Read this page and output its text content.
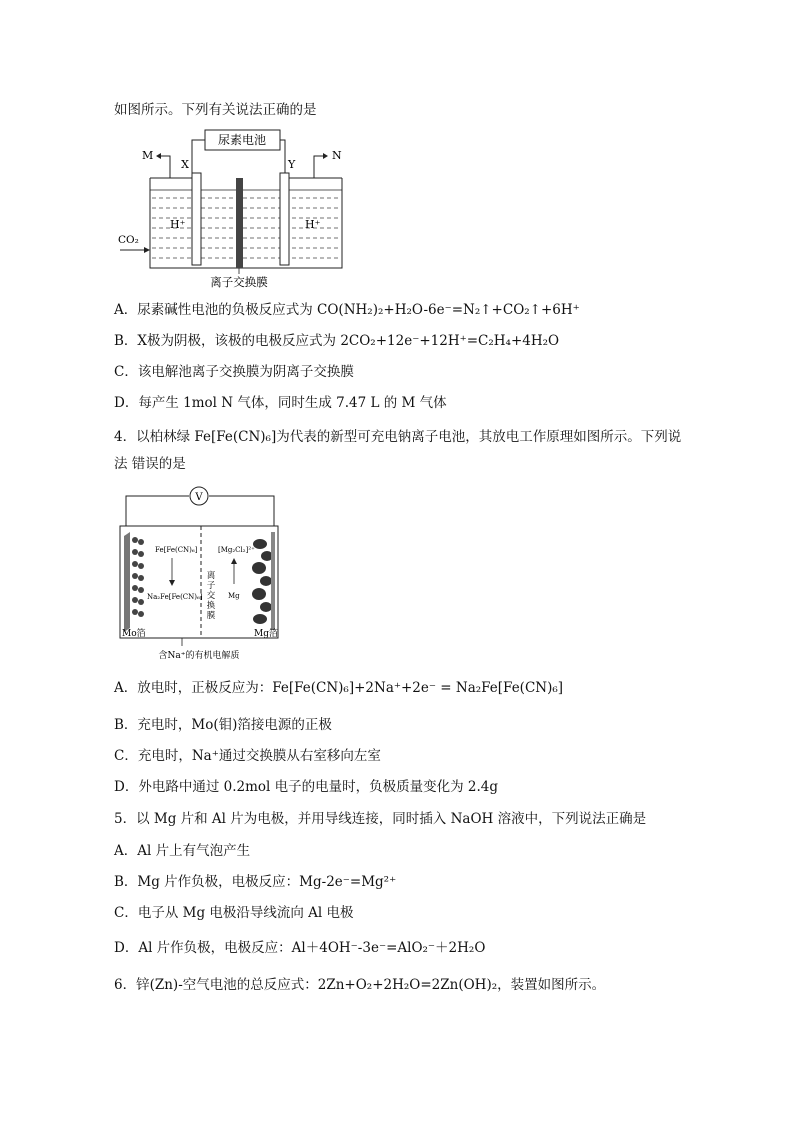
如图所示。下列有关说法正确的是
尿素电池
X	Y
M	N
H⁺	H⁺
CO₂
离子交换膜
A．尿素碱性电池的负极反应式为 CO(NH₂)₂+H₂O-6e⁻=N₂↑+CO₂↑+6H⁺
B．X极为阴极，该极的电极反应式为 2CO₂+12e⁻+12H⁺=C₂H₄+4H₂O
C．该电解池离子交换膜为阴离子交换膜
D．每产生 1mol N 气体，同时生成 7.47 L 的 M 气体
4．以柏林绿 Fe[Fe(CN)₆]为代表的新型可充电钠离子电池，其放电工作原理如图所示。下列说
法 错误的是
V
Fe[Fe(CN)₆]
Na₂Fe[Fe(CN)₆]
离
子
交
换
膜
[Mg₂Cl₂]²⁺
Mg
Mo箔	Mg箔
含Na⁺的有机电解质
A．放电时，正极反应为：Fe[Fe(CN)₆]+2Na⁺+2e⁻ = Na₂Fe[Fe(CN)₆]
B．充电时，Mo(钼)箔接电源的正极
C．充电时，Na⁺通过交换膜从右室移向左室
D．外电路中通过 0.2mol 电子的电量时，负极质量变化为 2.4g
5．以 Mg 片和 Al 片为电极，并用导线连接，同时插入 NaOH 溶液中，下列说法正确是
A．Al 片上有气泡产生
B．Mg 片作负极，电极反应：Mg-2e⁻=Mg²⁺
C．电子从 Mg 电极沿导线流向 Al 电极
D．Al 片作负极，电极反应：Al＋4OH⁻-3e⁻=AlO₂⁻＋2H₂O
6．锌(Zn)-空气电池的总反应式：2Zn+O₂+2H₂O=2Zn(OH)₂，装置如图所示。
